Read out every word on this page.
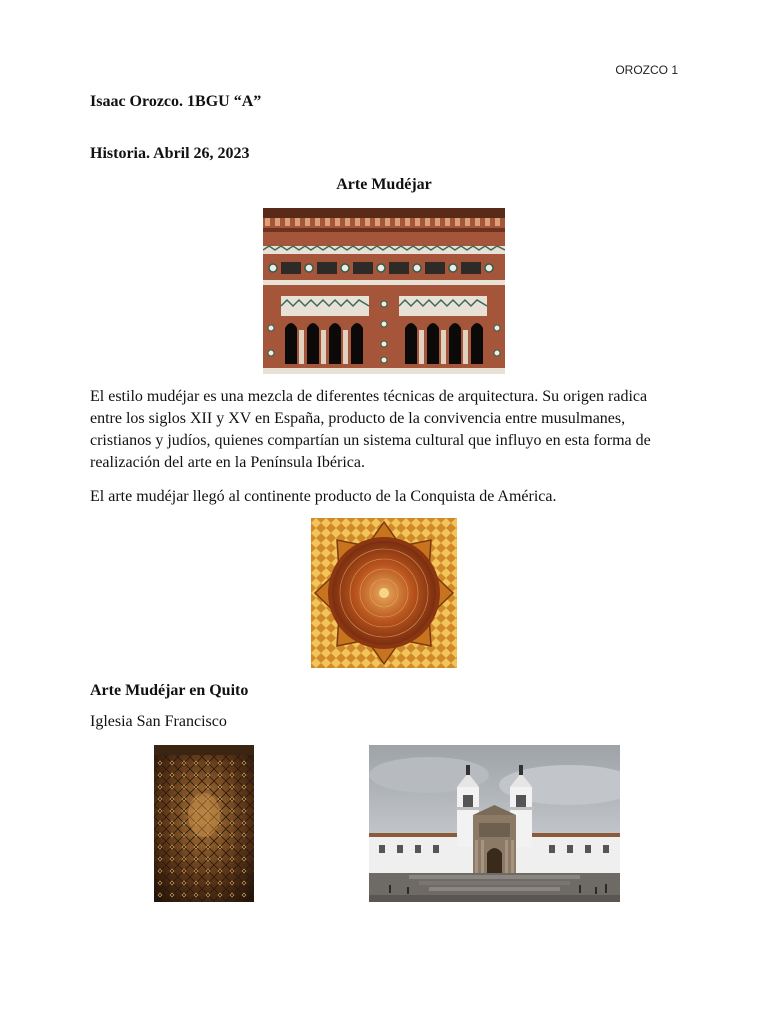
OROZCO 1
Isaac Orozco. 1BGU “A”
Historia. Abril 26, 2023
Arte Mudéjar

El estilo mudéjar es una mezcla de diferentes técnicas de arquitectura. Su origen radica entre los siglos XII y XV en España, producto de la convivencia entre musulmanes, cristianos y judíos, quienes compartían un sistema cultural que influyo en esta forma de realización del arte en la Península Ibérica.

El arte mudéjar llegó al continente producto de la Conquista de América.

Arte Mudéjar en Quito
Iglesia San Francisco
